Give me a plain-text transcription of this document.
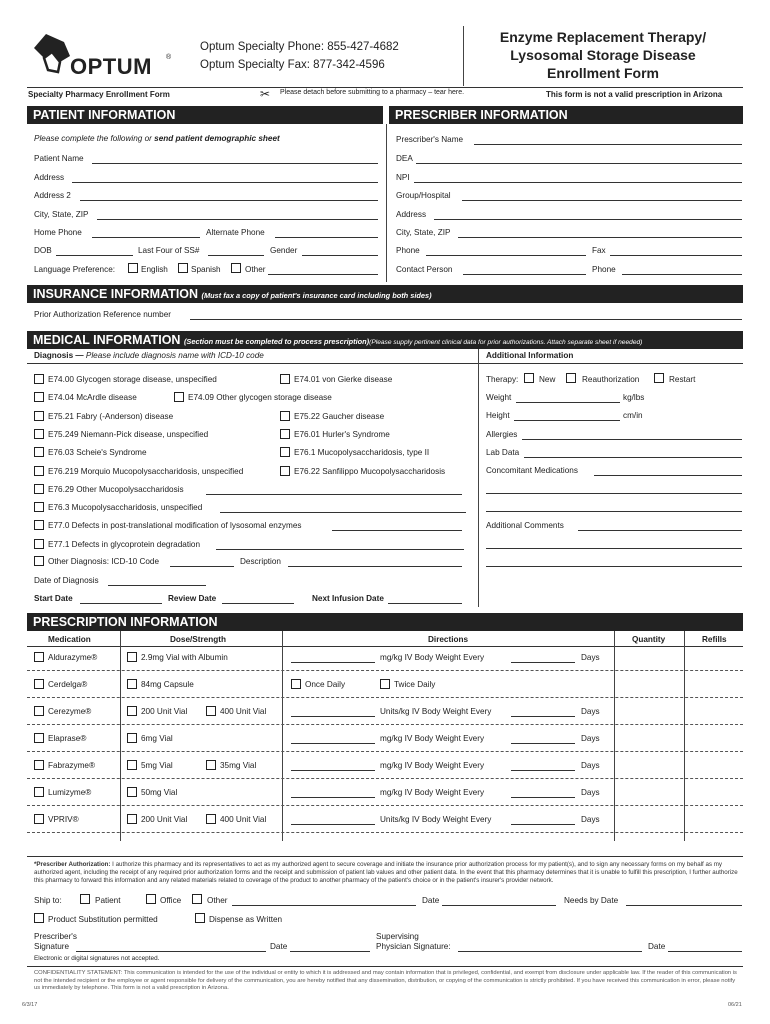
OPTUM ®
Optum Specialty Phone: 855-427-4682
Optum Specialty Fax: 877-342-4596
Enzyme Replacement Therapy/
Lysosomal Storage Disease
Enrollment Form
Specialty Pharmacy Enrollment Form	✂ Please detach before submitting to a pharmacy – tear here.	This form is not a valid prescription in Arizona
PATIENT INFORMATION	PRESCRIBER INFORMATION
Please complete the following or send patient demographic sheet
Patient Name
Address
Address 2
City, State, ZIP
Home Phone	Alternate Phone
DOB	Last Four of SS#	Gender
Language Preference:	English	Spanish	Other
Prescriber's Name
DEA
NPI
Group/Hospital
Address
City, State, ZIP
Phone	Fax
Contact Person	Phone
INSURANCE INFORMATION (Must fax a copy of patient's insurance card including both sides)
Prior Authorization Reference number
MEDICAL INFORMATION (Section must be completed to process prescription)(Please supply pertinent clinical data for prior authorizations. Attach separate sheet if needed)
Diagnosis — Please include diagnosis name with ICD-10 code	Additional Information
E74.00 Glycogen storage disease, unspecified
E74.04 McArdle disease
E75.21 Fabry (-Anderson) disease
E75.249 Niemann-Pick disease, unspecified
E76.03 Scheie's Syndrome
E76.219 Morquio Mucopolysaccharidosis, unspecified
E76.29 Other Mucopolysaccharidosis
E76.3 Mucopolysaccharidosis, unspecified
E77.0 Defects in post-translational modification of lysosomal enzymes
E77.1 Defects in glycoprotein degradation
E74.01 von Gierke disease
E74.09 Other glycogen storage disease
E75.22 Gaucher disease
E76.01 Hurler's Syndrome
E76.1 Mucopolysaccharidosis, type II
E76.22 Sanfilippo Mucopolysaccharidosis
Other Diagnosis: ICD-10 Code	Description
Date of Diagnosis
Start Date	Review Date	Next Infusion Date
Therapy:	New	Reauthorization	Restart
Weight	kg/lbs
Height	cm/in
Allergies
Lab Data
Concomitant Medications
Additional Comments
PRESCRIPTION INFORMATION
Medication	Dose/Strength	Directions	Quantity	Refills
Aldurazyme®	2.9mg Vial with Albumin	mg/kg IV Body Weight Every	Days
Cerdelga®	84mg Capsule	Once Daily	Twice Daily
Cerezyme®	200 Unit Vial	400 Unit Vial	Units/kg IV Body Weight Every	Days
Elaprase®	6mg Vial	mg/kg IV Body Weight Every	Days
Fabrazyme®	5mg Vial	35mg Vial	mg/kg IV Body Weight Every	Days
Lumizyme®	50mg Vial	mg/kg IV Body Weight Every	Days
VPRIV®	200 Unit Vial	400 Unit Vial	Units/kg IV Body Weight Every	Days
*Prescriber Authorization: I authorize this pharmacy and its representatives to act as my authorized agent to secure coverage and initiate the insurance prior authorization process for my patient(s), and to sign any necessary forms on my behalf as my authorized agent, including the receipt of any required prior authorization forms and the receipt and submission of patient lab values and other patient data. In the event that this pharmacy determines that it is unable to fulfill this prescription, I further authorize this pharmacy to forward this information and any related materials related to coverage of the product to another pharmacy of the patient's choice or in the patient's insurer's provider network.
Ship to:	Patient	Office	Other	Date	Needs by Date
Product Substitution permitted	Dispense as Written
Prescriber's
Signature	Date
Supervising
Physician Signature:	Date
Electronic or digital signatures not accepted.
CONFIDENTIALITY STATEMENT: This communication is intended for the use of the individual or entity to which it is addressed and may contain information that is privileged, confidential, and exempt from disclosure under applicable law. If the reader of this communication is not the intended recipient or the employee or agent responsible for delivery of the communication, you are hereby notified that any dissemination, distribution, or copying of the communication is strictly prohibited. If you have received this communication in error, please notify us immediately by telephone. This form is not a valid prescription in Arizona.
6/3/17	06/21
